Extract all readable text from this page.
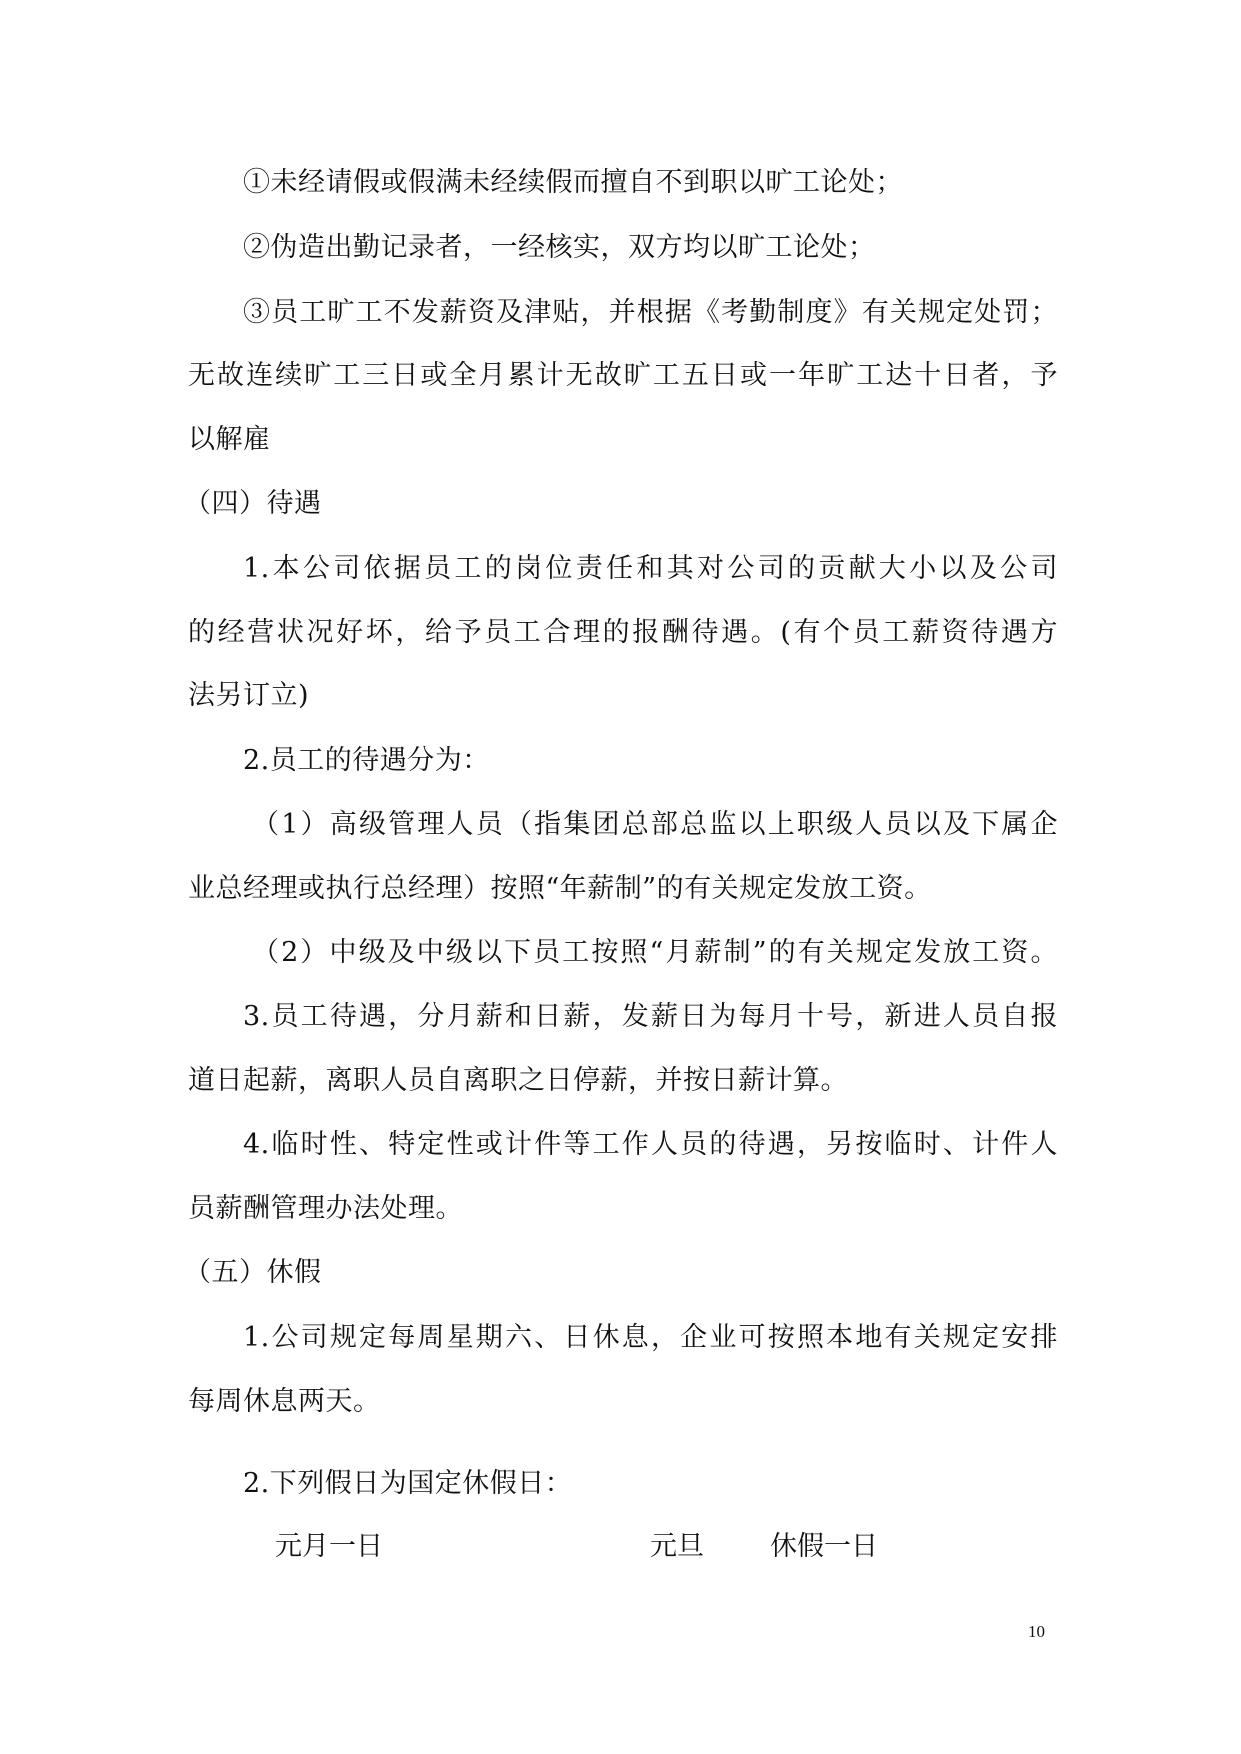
①未经请假或假满未经续假而擅自不到职以旷工论处；
②伪造出勤记录者，一经核实，双方均以旷工论处；
③员工旷工不发薪资及津贴，并根据《考勤制度》有关规定处罚；
无故连续旷工三日或全月累计无故旷工五日或一年旷工达十日者，予
以解雇
（四）待遇
1.本公司依据员工的岗位责任和其对公司的贡献大小以及公司
的经营状况好坏，给予员工合理的报酬待遇。(有个员工薪资待遇方
法另订立)
2.员工的待遇分为：
（1）高级管理人员（指集团总部总监以上职级人员以及下属企
业总经理或执行总经理）按照“年薪制”的有关规定发放工资。
（2）中级及中级以下员工按照“月薪制”的有关规定发放工资。
3.员工待遇，分月薪和日薪，发薪日为每月十号，新进人员自报
道日起薪，离职人员自离职之日停薪，并按日薪计算。
4.临时性、特定性或计件等工作人员的待遇，另按临时、计件人
员薪酬管理办法处理。
（五）休假
1.公司规定每周星期六、日休息，企业可按照本地有关规定安排
每周休息两天。
2.下列假日为国定休假日：
元月一日	元旦 休假一日
10
